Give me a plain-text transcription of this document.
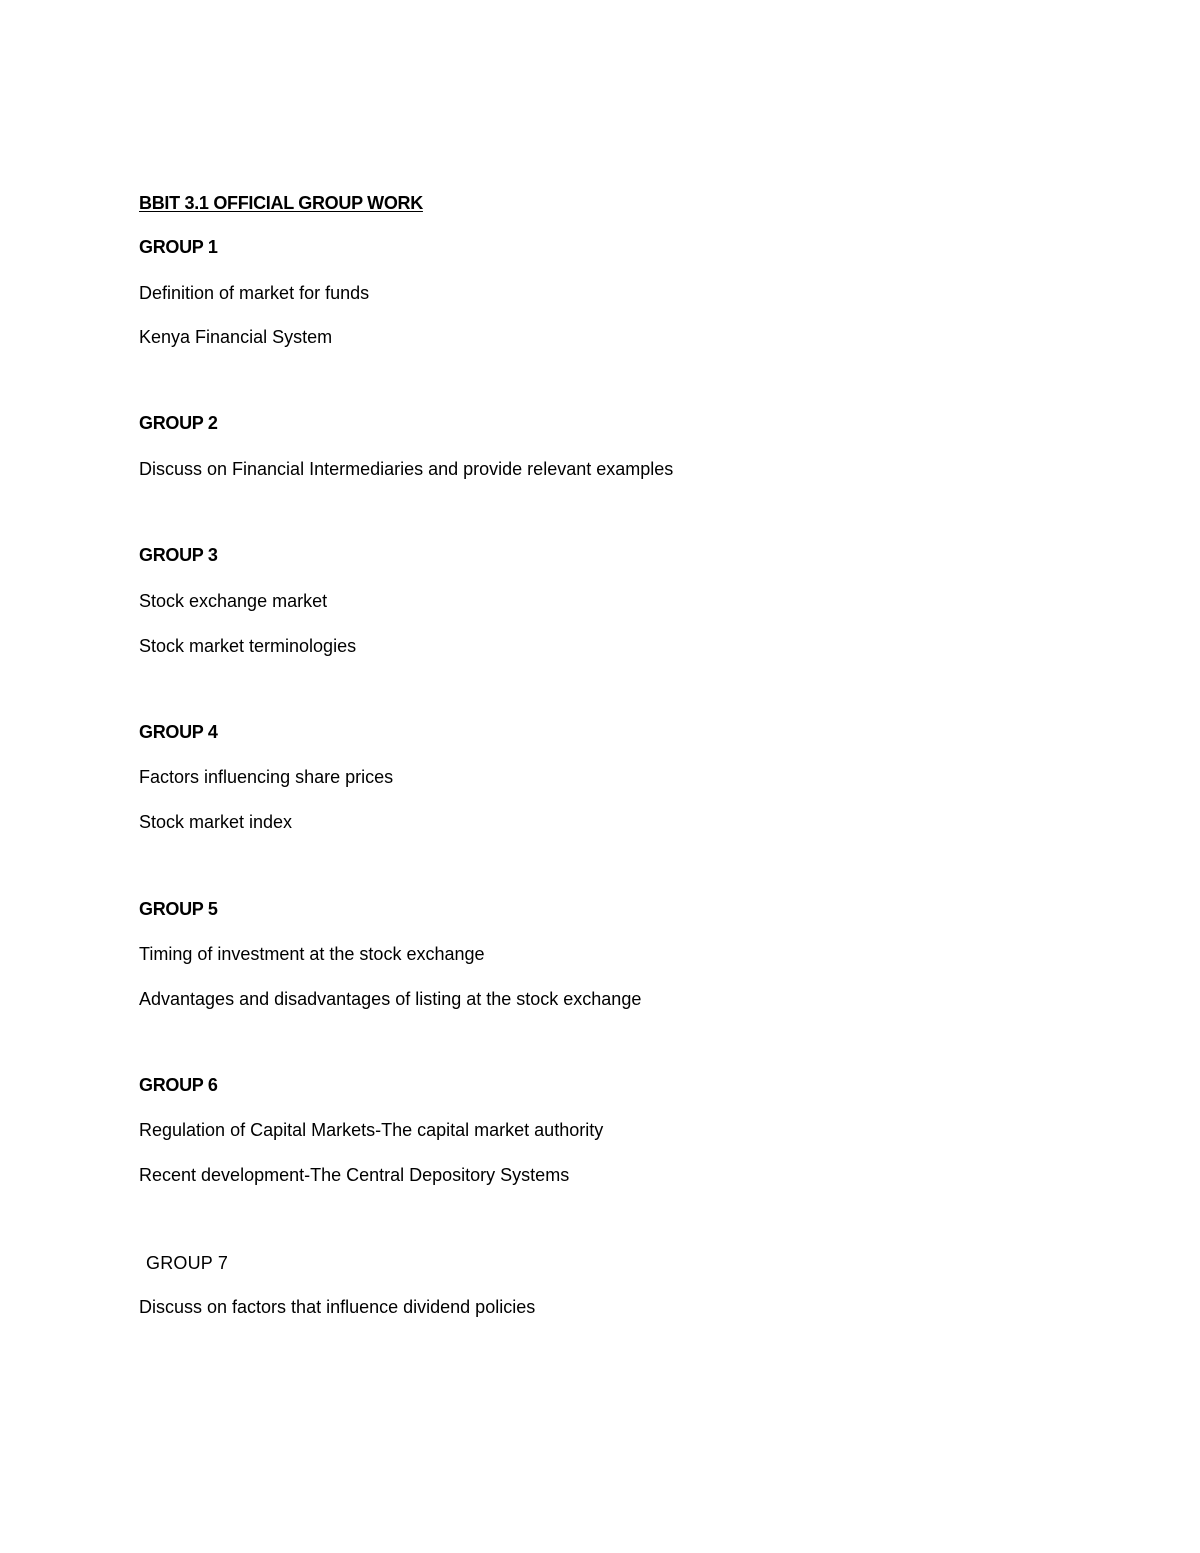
BBIT 3.1 OFFICIAL GROUP WORK
GROUP 1
Definition of market for funds
Kenya Financial System
GROUP 2
Discuss on Financial Intermediaries and provide relevant examples
GROUP 3
Stock exchange market
Stock market terminologies
GROUP 4
Factors influencing share prices
Stock market index
GROUP 5
Timing of investment at the stock exchange
Advantages and disadvantages of listing at the stock exchange
GROUP 6
Regulation of Capital Markets-The capital market authority
Recent development-The Central Depository Systems
GROUP 7
Discuss on factors that influence dividend policies
